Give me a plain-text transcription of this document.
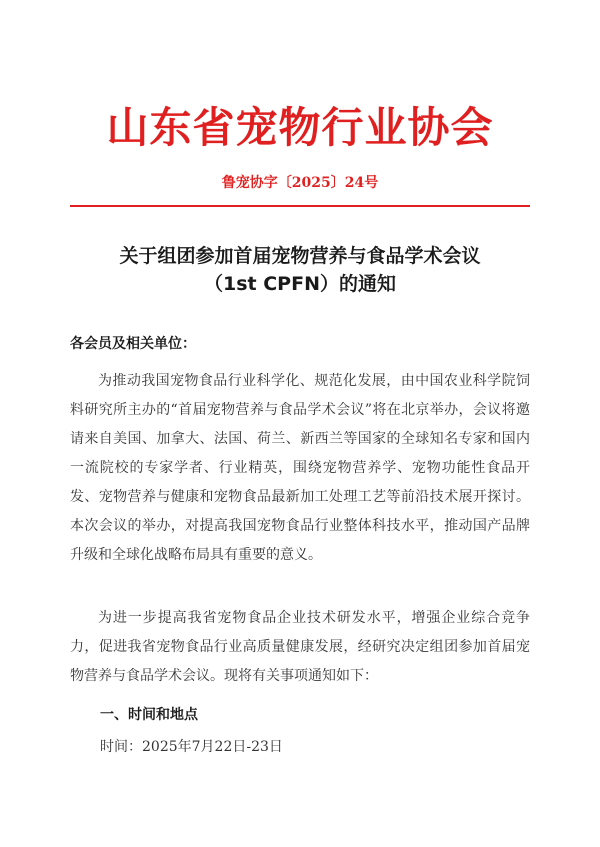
山东省宠物行业协会
鲁宠协字〔2025〕24号
关于组团参加首届宠物营养与食品学术会议
（1st CPFN）的通知
各会员及相关单位：

为推动我国宠物食品行业科学化、规范化发展，由中国农业科学院饲料研究所主办的“首届宠物营养与食品学术会议”将在北京举办，会议将邀请来自美国、加拿大、法国、荷兰、新西兰等国家的全球知名专家和国内一流院校的专家学者、行业精英，围绕宠物营养学、宠物功能性食品开发、宠物营养与健康和宠物食品最新加工处理工艺等前沿技术展开探讨。本次会议的举办，对提高我国宠物食品行业整体科技水平，推动国产品牌升级和全球化战略布局具有重要的意义。

为进一步提高我省宠物食品企业技术研发水平，增强企业综合竞争力，促进我省宠物食品行业高质量健康发展，经研究决定组团参加首届宠物营养与食品学术会议。现将有关事项通知如下：

一、时间和地点
时间：2025年7月22日-23日
